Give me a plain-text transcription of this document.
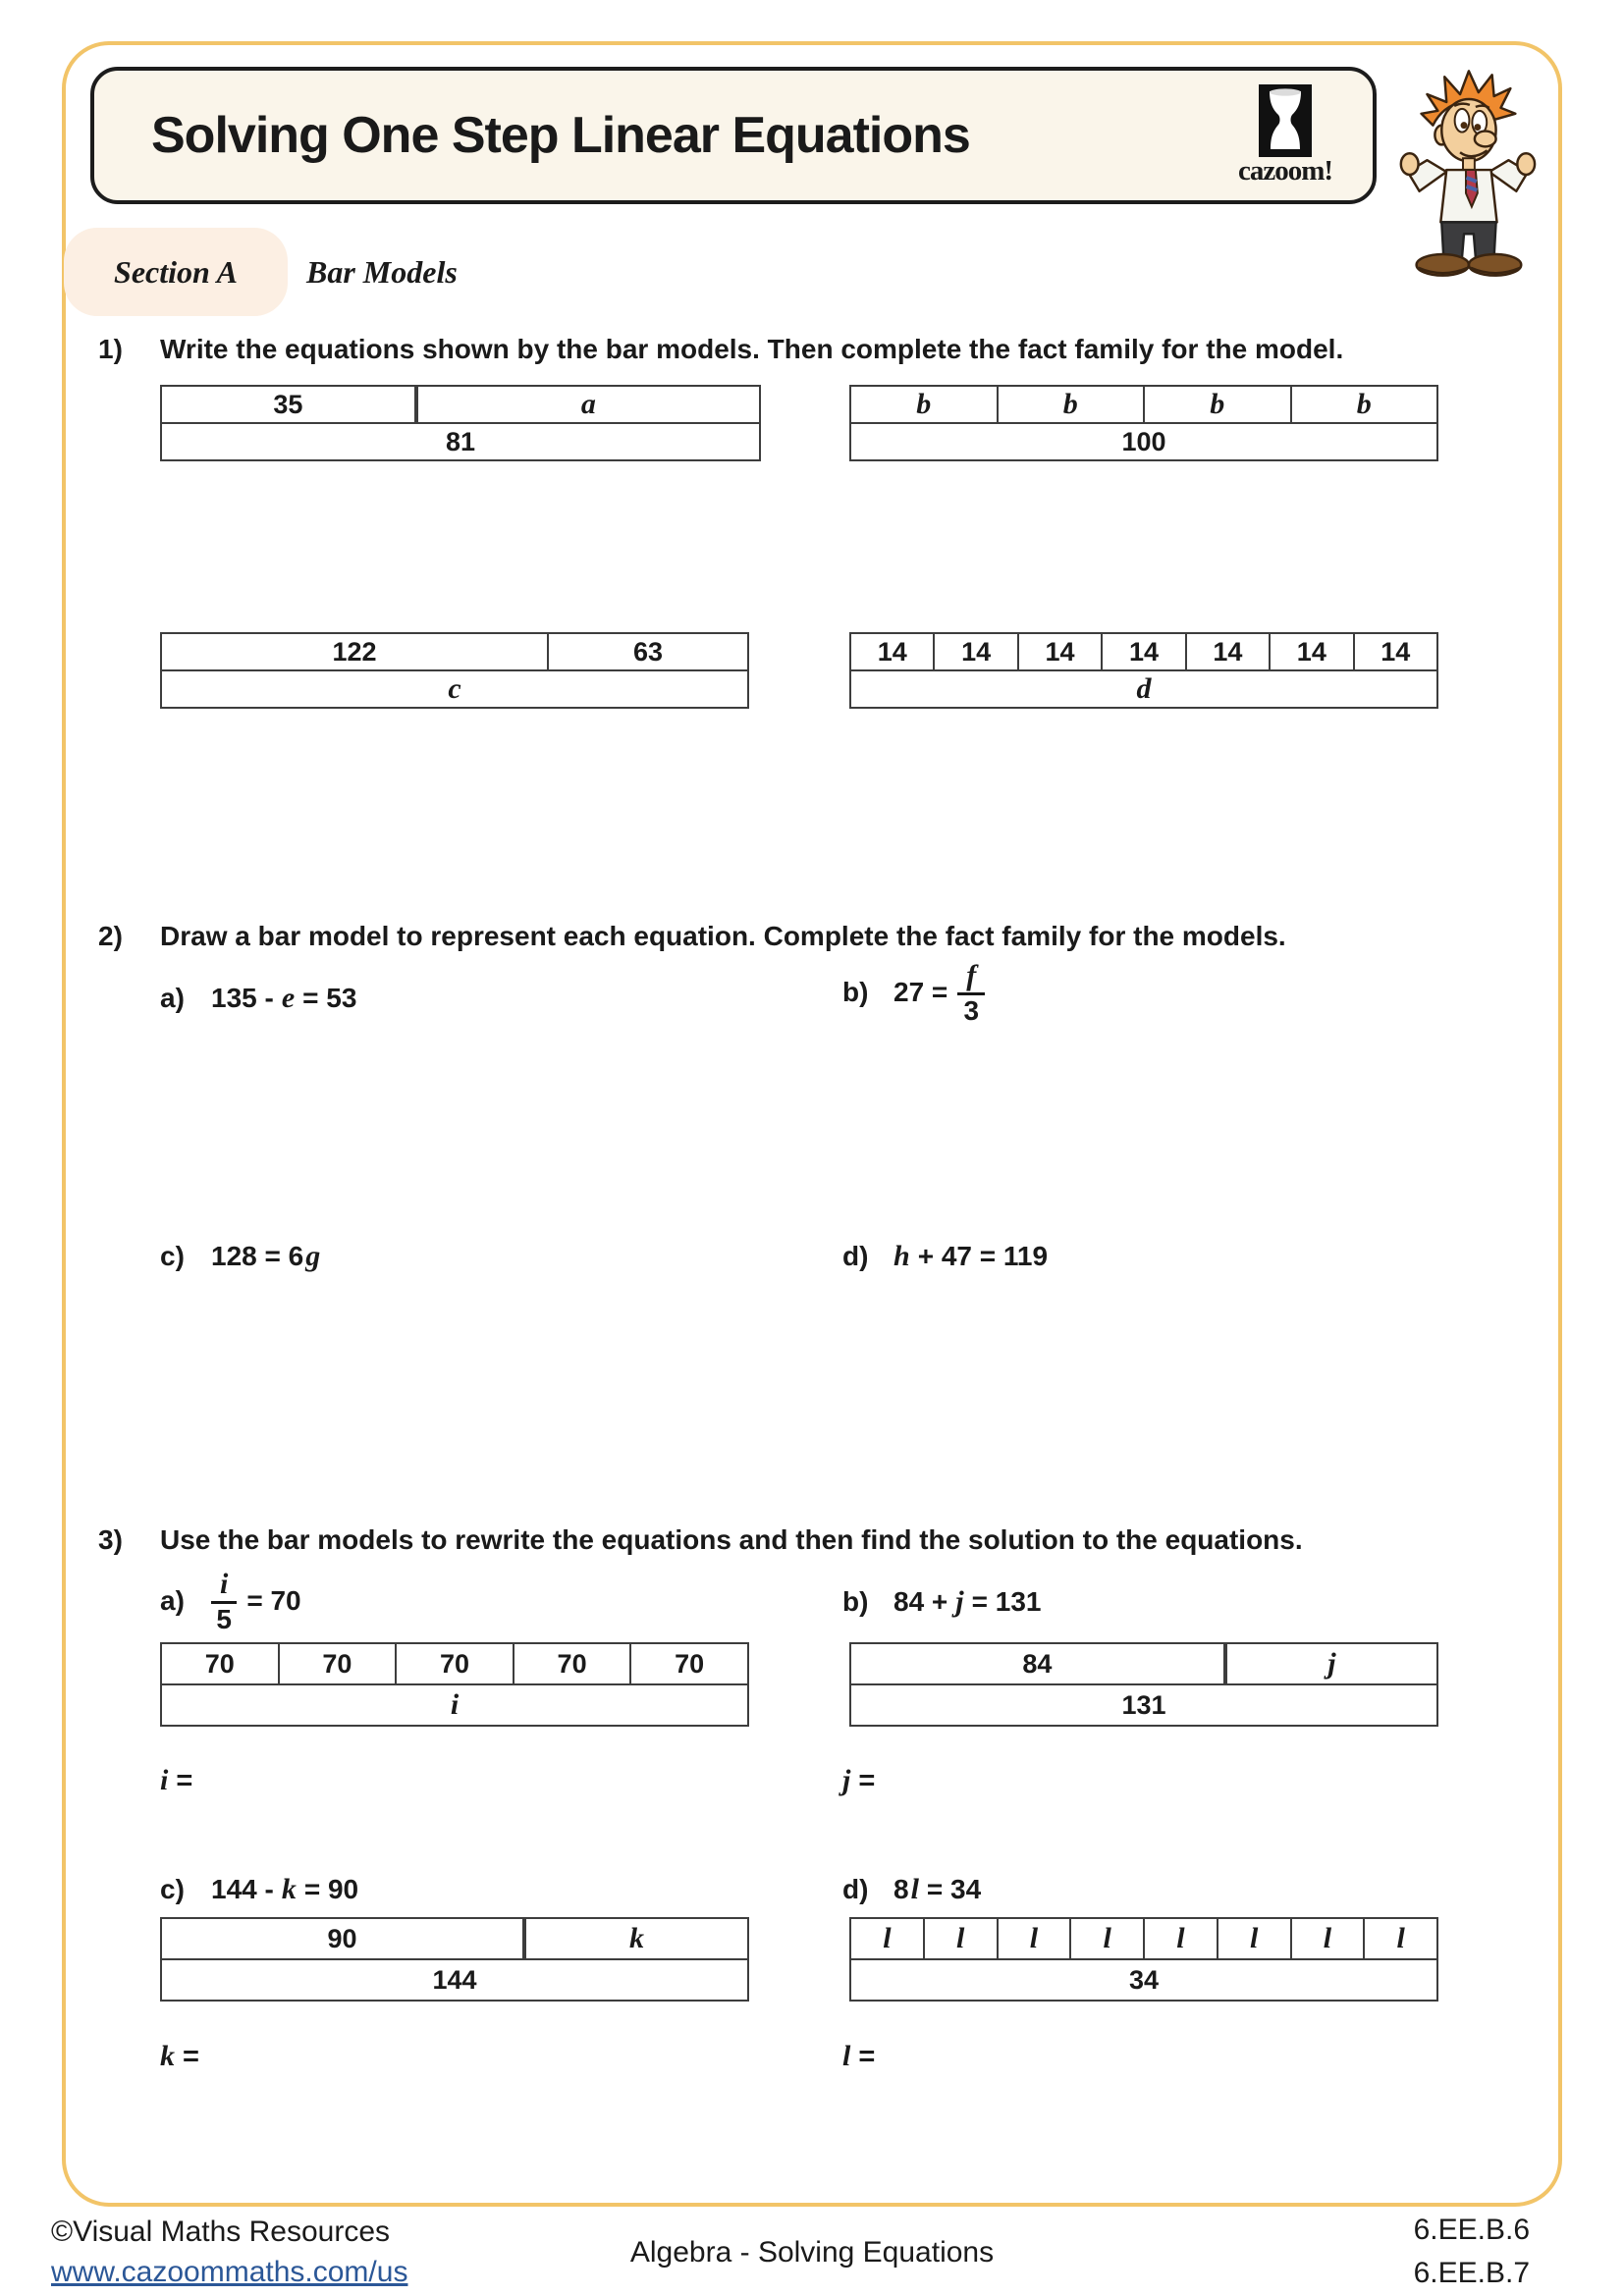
Solving One Step Linear Equations
cazoom!
Section A	Bar Models
1)	Write the equations shown by the bar models. Then complete the fact family for the model.
35	a
81
b	b	b	b
100
122	63
c
14	14	14	14	14	14	14
d
2)	Draw a bar model to represent each equation. Complete the fact family for the models.
a) 135 - e = 53	b) $27 = \frac{f}{3}$
c) 128 = 6 g	d) h + 47 = 119
3)	Use the bar models to rewrite the equations and then find the solution to the equations.
$a) \frac{i}{5} = 70$	b) 84 + j = 131
70	70	70	70	70
i
84	j
131
i =	j =
c) 144 - k = 90	d) 8 l = 34
90	k
144
l	l	l	l	l	l	l	l
34
k =	l =
©Visual Maths Resources
www.cazoommaths.com/us
Algebra - Solving Equations
6.EE.B.6
6.EE.B.7
